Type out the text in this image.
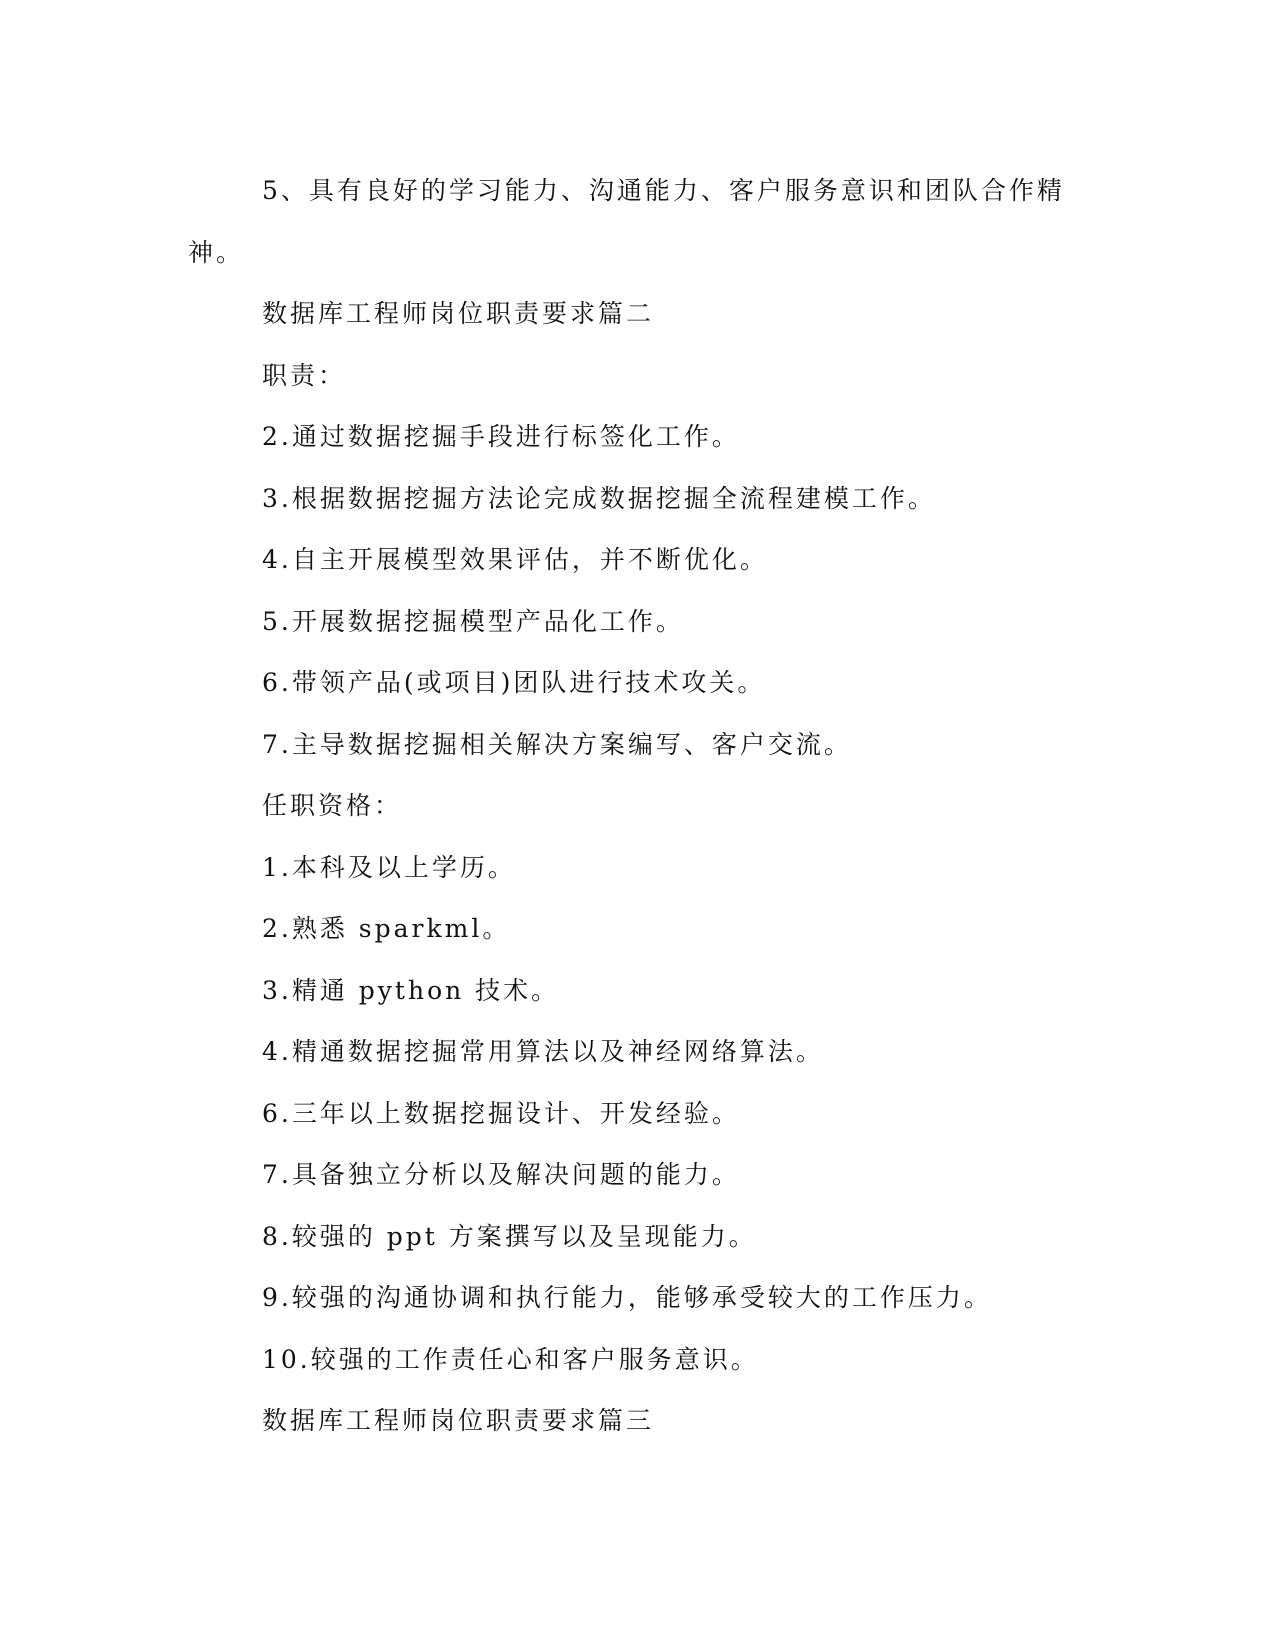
5、具有良好的学习能力、沟通能力、客户服务意识和团队合作精神。

数据库工程师岗位职责要求篇二

职责：

2.通过数据挖掘手段进行标签化工作。

3.根据数据挖掘方法论完成数据挖掘全流程建模工作。

4.自主开展模型效果评估，并不断优化。

5.开展数据挖掘模型产品化工作。

6.带领产品(或项目)团队进行技术攻关。

7.主导数据挖掘相关解决方案编写、客户交流。

任职资格：

1.本科及以上学历。

2.熟悉 sparkml。

3.精通 python 技术。

4.精通数据挖掘常用算法以及神经网络算法。

6.三年以上数据挖掘设计、开发经验。

7.具备独立分析以及解决问题的能力。

8.较强的 ppt 方案撰写以及呈现能力。

9.较强的沟通协调和执行能力，能够承受较大的工作压力。

10.较强的工作责任心和客户服务意识。

数据库工程师岗位职责要求篇三
